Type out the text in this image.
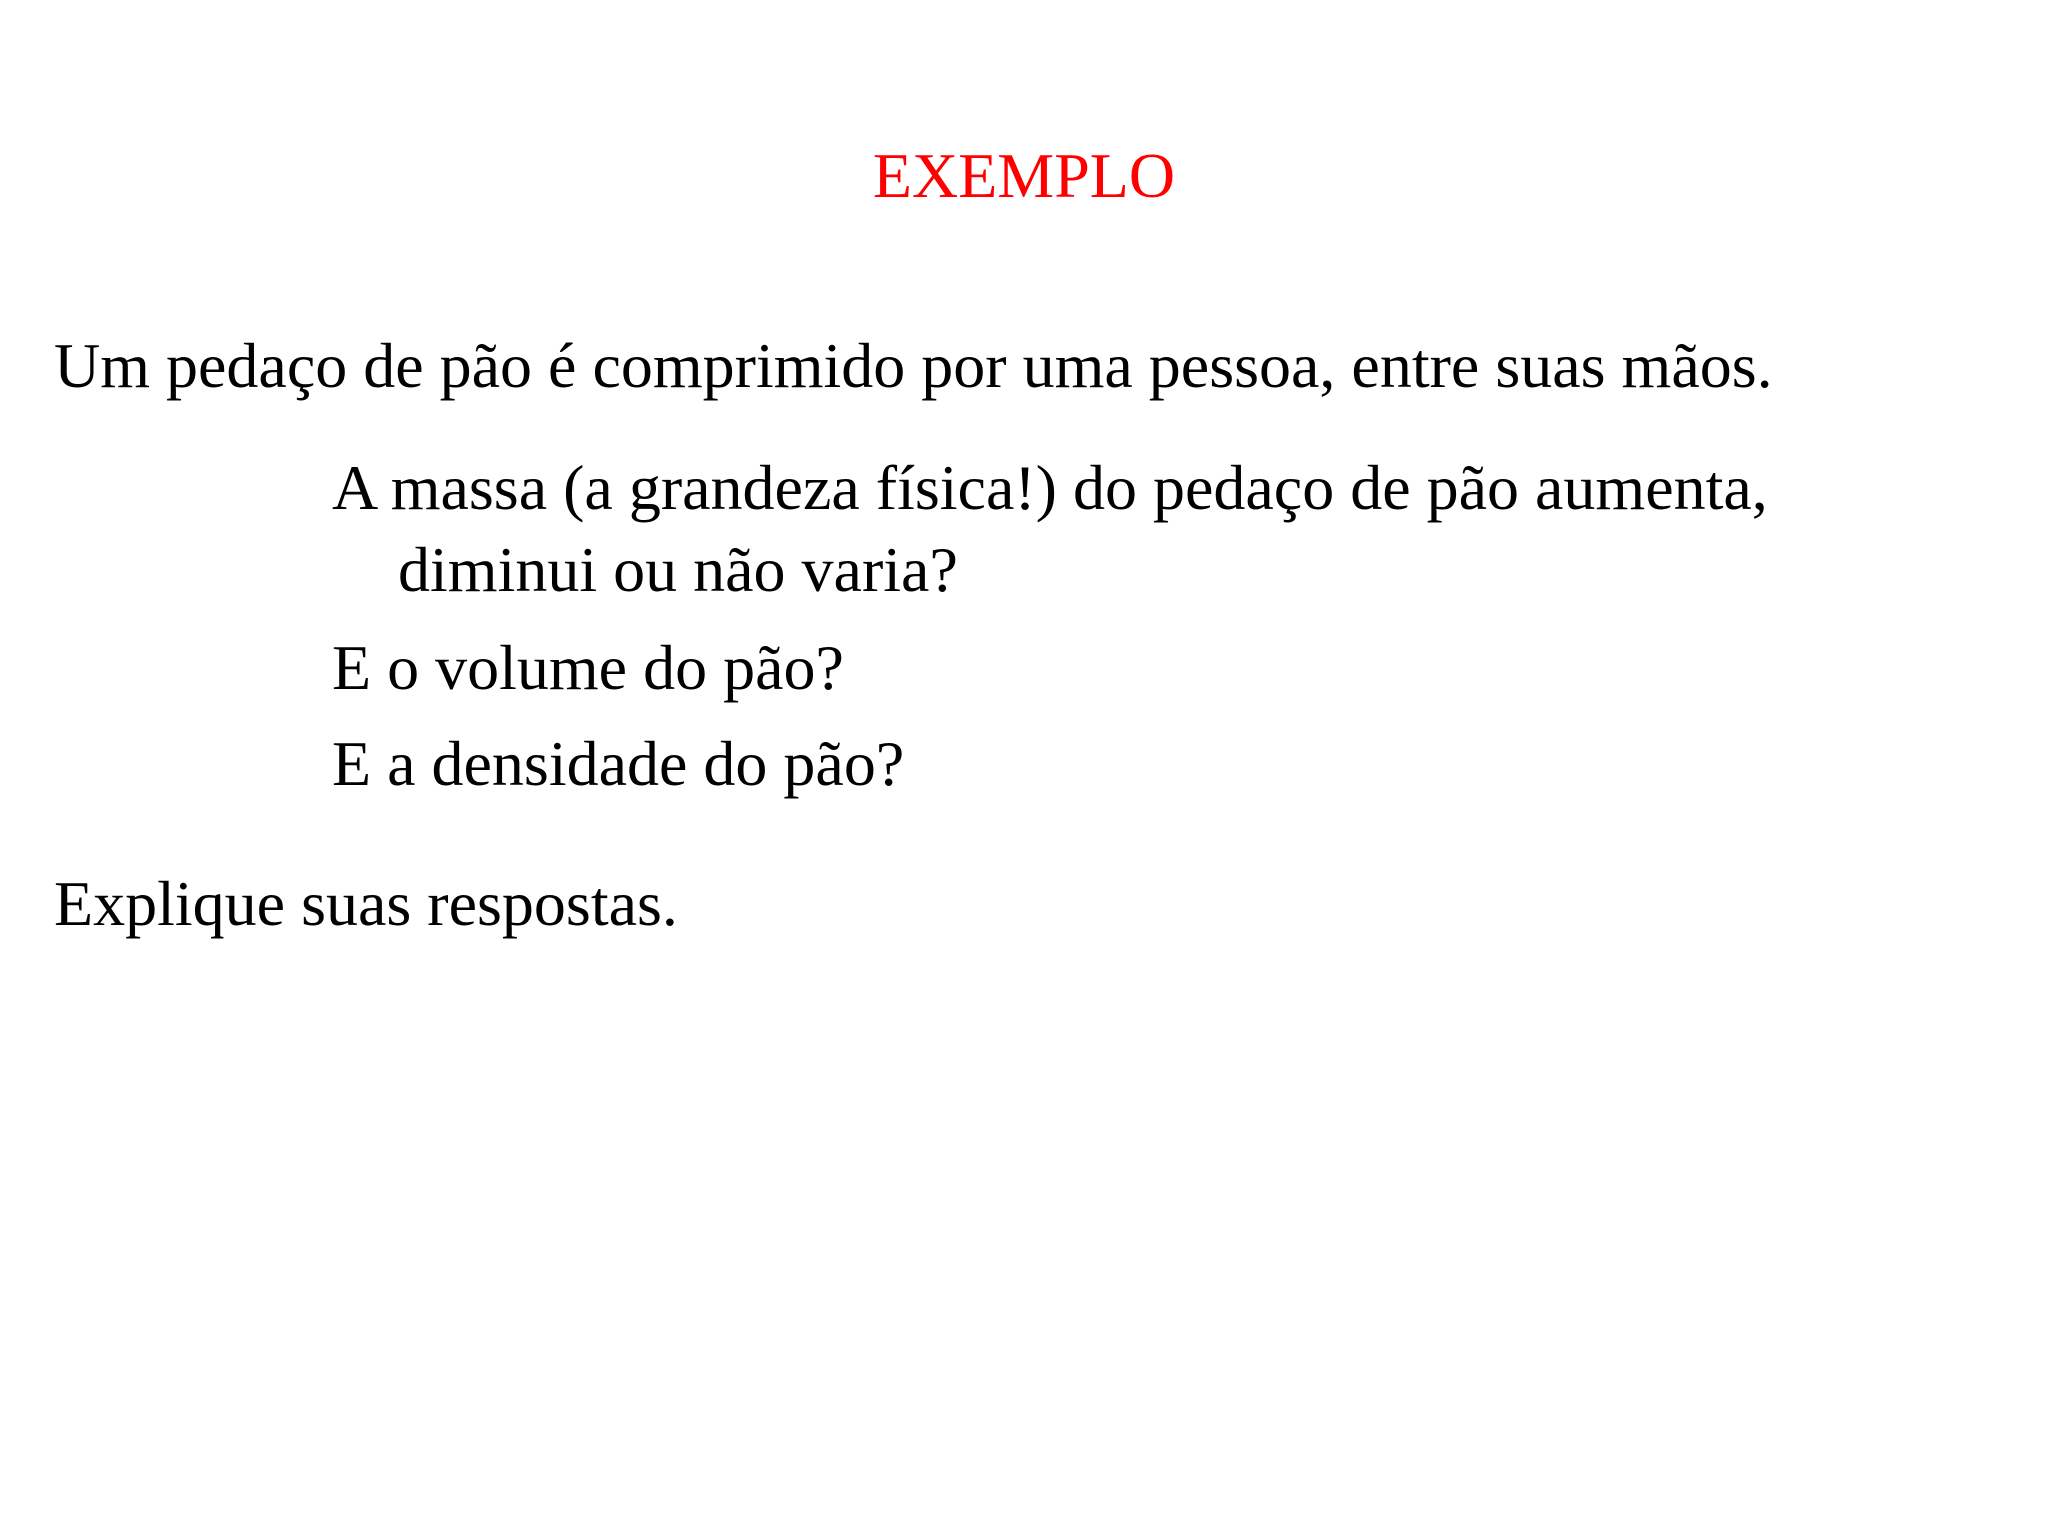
EXEMPLO
Um pedaço de pão é comprimido por uma pessoa, entre suas mãos.
A massa (a grandeza física!) do pedaço de pão aumenta,
diminui ou não varia?
E o volume do pão?
E a densidade do pão?
Explique suas respostas.
